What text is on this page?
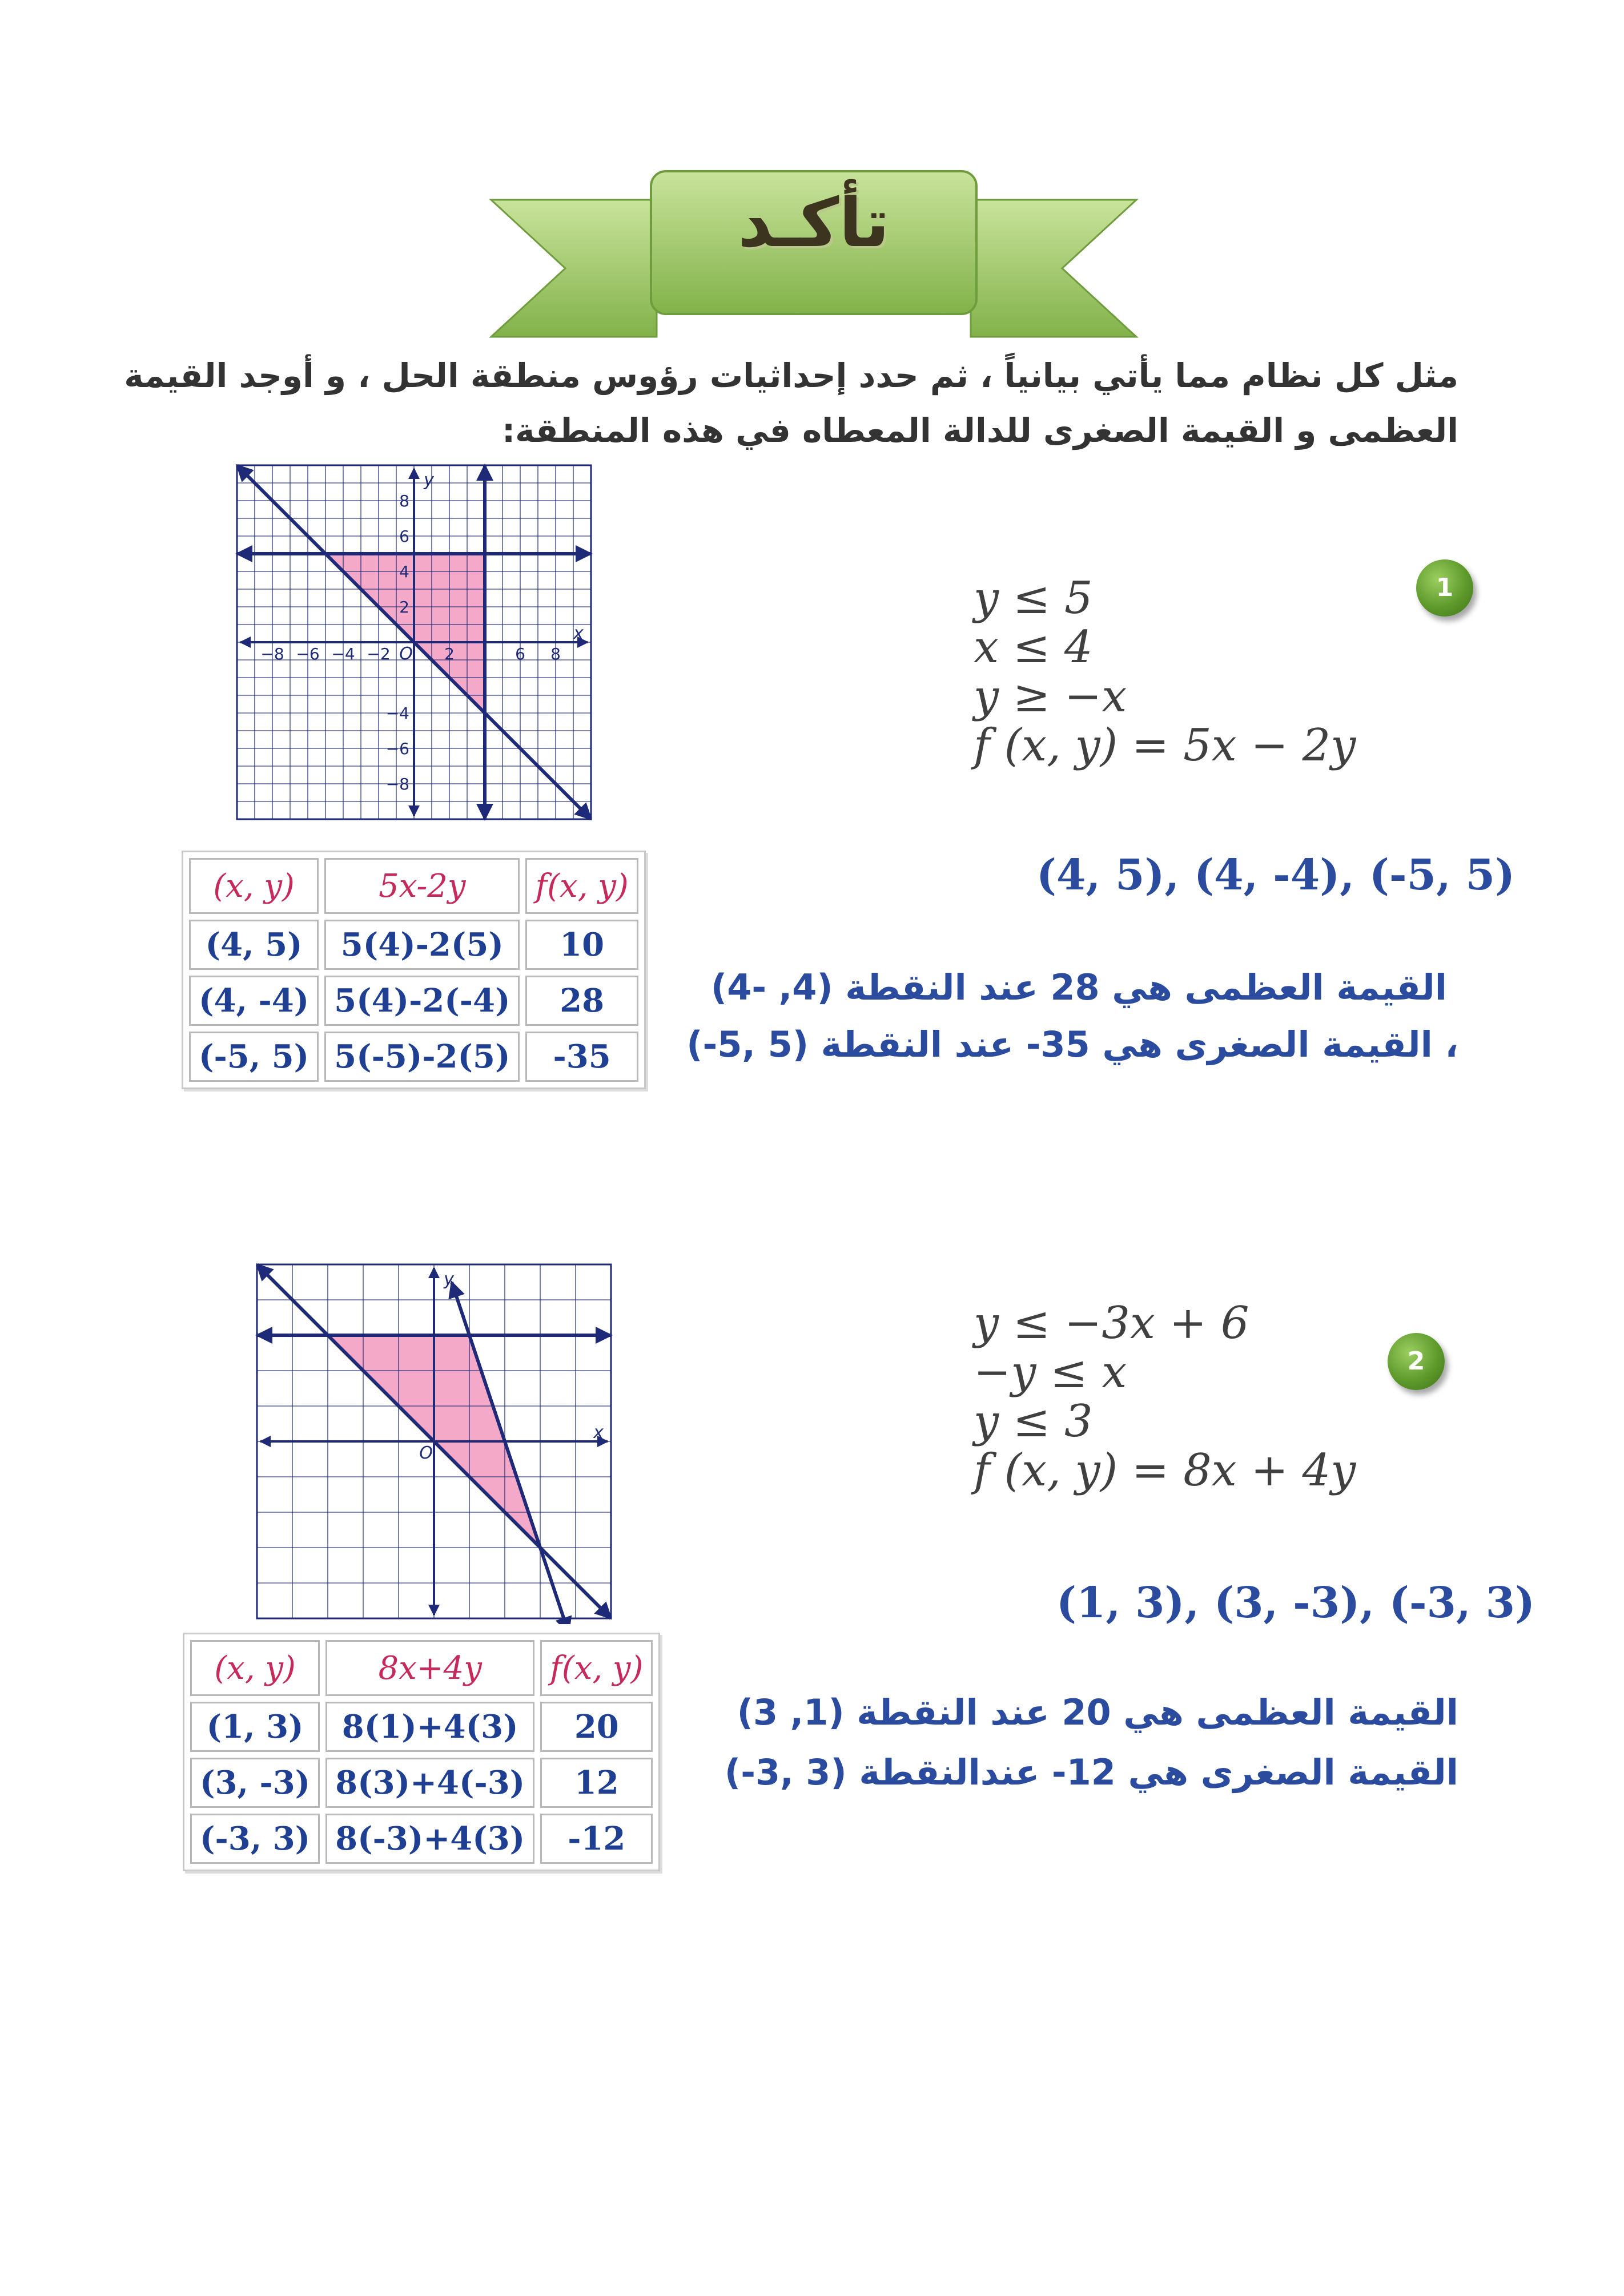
تأكـد
مثل كل نظام مما يأتي بيانياً ، ثم حدد إحداثيات رؤوس منطقة الحل ، و أوجد القيمة العظمى و القيمة الصغرى للدالة المعطاه في هذه المنطقة:
x
y
O
−8 −6 −4 −2	2	6 8
8
6
4
2
−4
−6
−8
1
y ≤ 5
x ≤ 4
y ≥ −x
f (x, y) = 5x − 2y
(4, 5), (4, -4), (-5, 5)
(x, y)	5x-2y	f(x, y)
(4, 5)	5(4)-2(5)	10
(4, -4)	5(4)-2(-4)	28
(-5, 5)	5(-5)-2(5)	-35
القيمة العظمى هي 28 عند النقطة (4, -4)
، القيمة الصغرى هي 35- عند النقطة (5 ,5-)
x
y
O
2
y ≤ −3x + 6
−y ≤ x
y ≤ 3
f (x, y) = 8x + 4y
(1, 3), (3, -3), (-3, 3)
(x, y)	8x+4y	f(x, y)
(1, 3)	8(1)+4(3)	20
(3, -3)	8(3)+4(-3)	12
(-3, 3)	8(-3)+4(3)	-12
القيمة العظمى هي 20 عند النقطة (1, 3)
القيمة الصغرى هي 12- عندالنقطة (3 ,3-)
